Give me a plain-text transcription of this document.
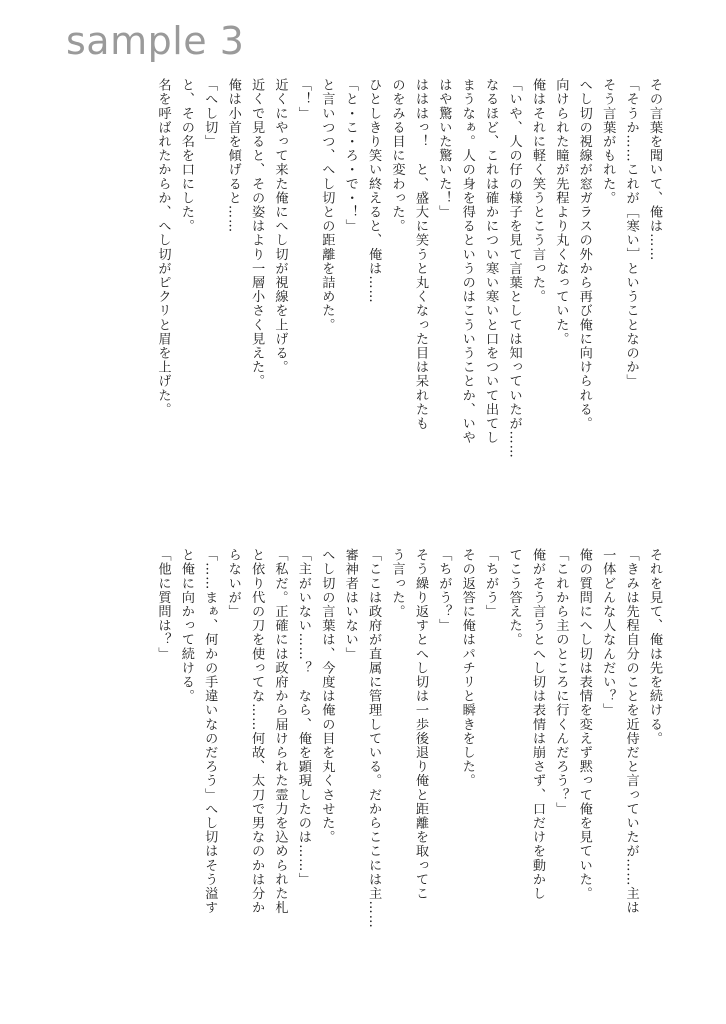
sample 3

その言葉を聞いて、俺は……

「そうか……これが［寒い］ということなのか」

そう言葉がもれた。

へし切の視線が窓ガラスの外から再び俺に向けられる。

向けられた瞳が先程より丸くなっていた。

俺はそれに軽く笑うとこう言った。

「いや、人の仔の様子を見て言葉としては知っていたが……

なるほど、これは確かについ寒い寒いと口をついて出てし

まうなぁ。人の身を得るというのはこういうことか、いや

はや驚いた驚いた！」

はははっ！　と、盛大に笑うと丸くなった目は呆れたも

のをみる目に変わった。

ひとしきり笑い終えると、俺は……

「と・こ・ろ・で・！」

と言いつつ、へし切との距離を詰めた。

「！」

近くにやって来た俺にへし切が視線を上げる。

近くで見ると、その姿はより一層小さく見えた。

俺は小首を傾げると……

「へし切」

と、その名を口にした。

名を呼ばれたからか、へし切がピクリと眉を上げた。

それを見て、俺は先を続ける。

「きみは先程自分のことを近侍だと言っていたが……主は

一体どんな人なんだい？」

俺の質問にへし切は表情を変えず黙って俺を見ていた。

「これから主のところに行くんだろう？」

俺がそう言うとへし切は表情は崩さず、口だけを動かし

てこう答えた。

「ちがう」

その返答に俺はパチリと瞬きをした。

「ちがう？」

そう繰り返すとへし切は一歩後退り俺と距離を取ってこ

う言った。

「ここは政府が直属に管理している。だからここには主……

審神者はいない」

へし切の言葉は、今度は俺の目を丸くさせた。

「主がいない……？　なら、俺を顕現したのは……」

「私だ。正確には政府から届けられた霊力を込められた札

と依り代の刀を使ってな……何故、太刀で男なのかは分か

らないが」

「……まぁ、何かの手違いなのだろう」へし切はそう溢す

と俺に向かって続ける。

「他に質問は？」
